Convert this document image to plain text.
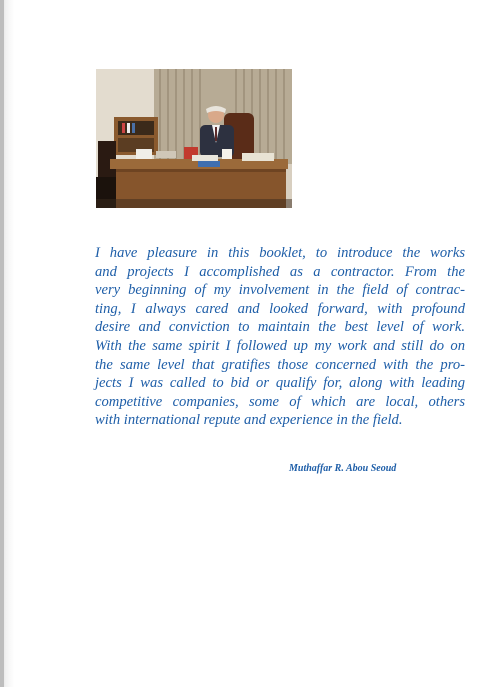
I have pleasure in this booklet, to introduce the works
and projects I accomplished as a contractor. From the
very beginning of my involvement in the field of contrac-
ting, I always cared and looked forward, with profound
desire and conviction to maintain the best level of work.
With the same spirit I followed up my work and still do on
the same level that gratifies those concerned with the pro-
jects I was called to bid or qualify for, along with leading
competitive companies, some of which are local, others
with international repute and experience in the field.

Muthaffar R. Abou Seoud
